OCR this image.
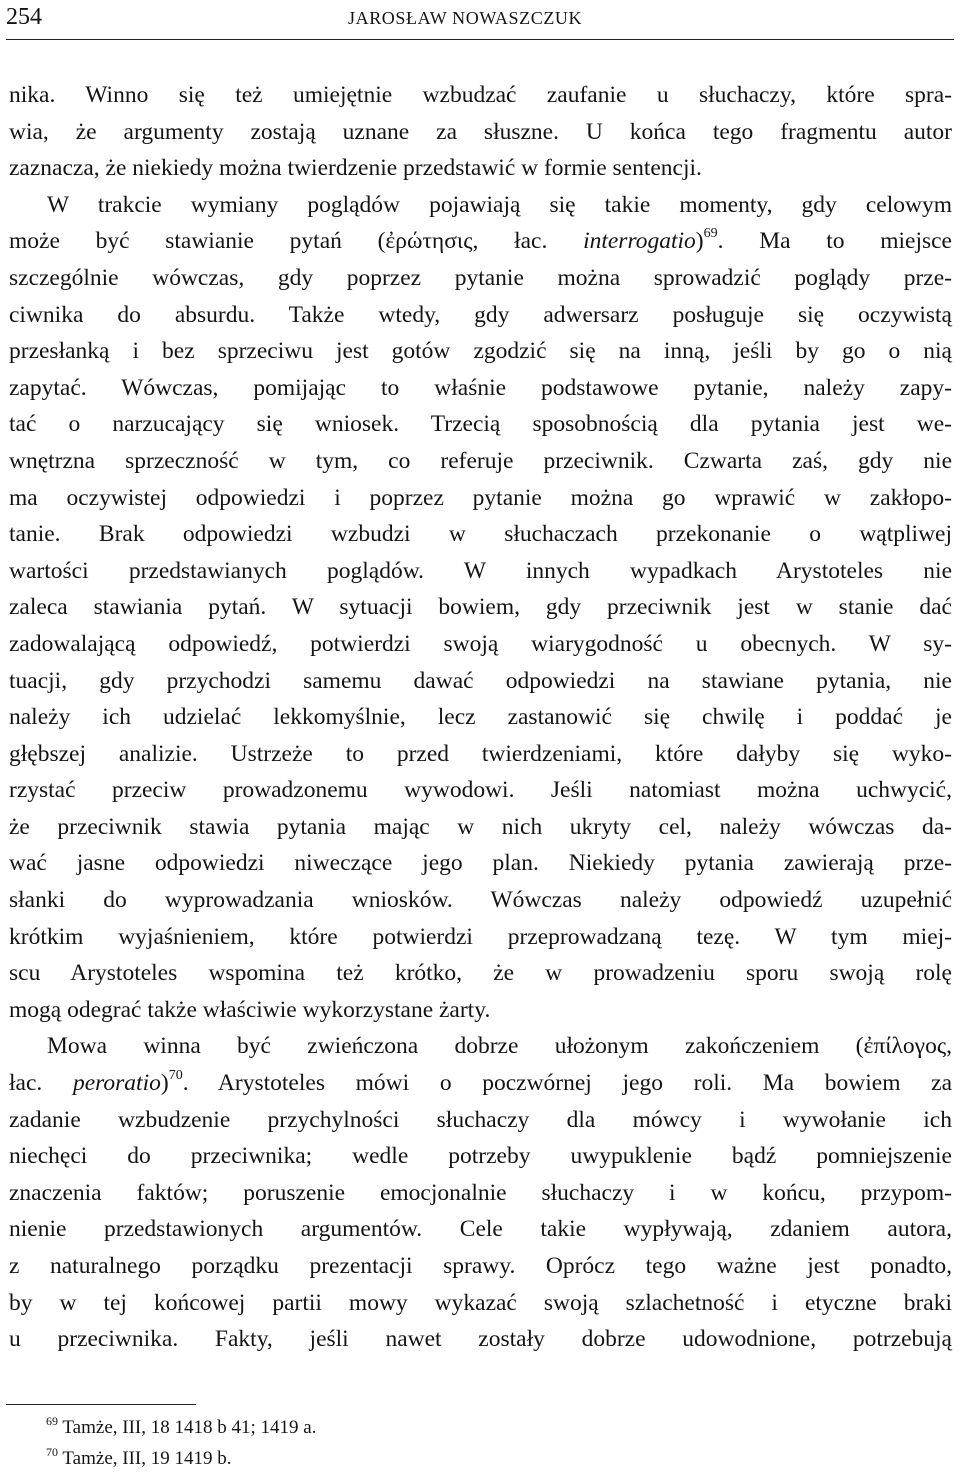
254	JAROSŁAW NOWASZCZUK
nika. Winno się też umiejętnie wzbudzać zaufanie u słuchaczy, które spra-
wia, że argumenty zostają uznane za słuszne. U końca tego fragmentu autor
zaznacza, że niekiedy można twierdzenie przedstawić w formie sentencji.
W trakcie wymiany poglądów pojawiają się takie momenty, gdy celowym
może być stawianie pytań (ἐρώτησις, łac. interrogatio)$^{69}$. Ma to miejsce
szczególnie wówczas, gdy poprzez pytanie można sprowadzić poglądy prze-
ciwnika do absurdu. Także wtedy, gdy adwersarz posługuje się oczywistą
przesłanką i bez sprzeciwu jest gotów zgodzić się na inną, jeśli by go o nią
zapytać. Wówczas, pomijając to właśnie podstawowe pytanie, należy zapy-
tać o narzucający się wniosek. Trzecią sposobnością dla pytania jest we-
wnętrzna sprzeczność w tym, co referuje przeciwnik. Czwarta zaś, gdy nie
ma oczywistej odpowiedzi i poprzez pytanie można go wprawić w zakłopo-
tanie. Brak odpowiedzi wzbudzi w słuchaczach przekonanie o wątpliwej
wartości przedstawianych poglądów. W innych wypadkach Arystoteles nie
zaleca stawiania pytań. W sytuacji bowiem, gdy przeciwnik jest w stanie dać
zadowalającą odpowiedź, potwierdzi swoją wiarygodność u obecnych. W sy-
tuacji, gdy przychodzi samemu dawać odpowiedzi na stawiane pytania, nie
należy ich udzielać lekkomyślnie, lecz zastanowić się chwilę i poddać je
głębszej analizie. Ustrzeże to przed twierdzeniami, które dałyby się wyko-
rzystać przeciw prowadzonemu wywodowi. Jeśli natomiast można uchwycić,
że przeciwnik stawia pytania mając w nich ukryty cel, należy wówczas da-
wać jasne odpowiedzi niweczące jego plan. Niekiedy pytania zawierają prze-
słanki do wyprowadzania wniosków. Wówczas należy odpowiedź uzupełnić
krótkim wyjaśnieniem, które potwierdzi przeprowadzaną tezę. W tym miej-
scu Arystoteles wspomina też krótko, że w prowadzeniu sporu swoją rolę
mogą odegrać także właściwie wykorzystane żarty.
Mowa winna być zwieńczona dobrze ułożonym zakończeniem (ἐπίλογος,
łac. peroratio)$^{70}$. Arystoteles mówi o poczwórnej jego roli. Ma bowiem za
zadanie wzbudzenie przychylności słuchaczy dla mówcy i wywołanie ich
niechęci do przeciwnika; wedle potrzeby uwypuklenie bądź pomniejszenie
znaczenia faktów; poruszenie emocjonalnie słuchaczy i w końcu, przypom-
nienie przedstawionych argumentów. Cele takie wypływają, zdaniem autora,
z naturalnego porządku prezentacji sprawy. Oprócz tego ważne jest ponadto,
by w tej końcowej partii mowy wykazać swoją szlachetność i etyczne braki
u przeciwnika. Fakty, jeśli nawet zostały dobrze udowodnione, potrzebują
$^{69}$ Tamże, III, 18 1418 b 41; 1419 a.
$^{70}$ Tamże, III, 19 1419 b.
